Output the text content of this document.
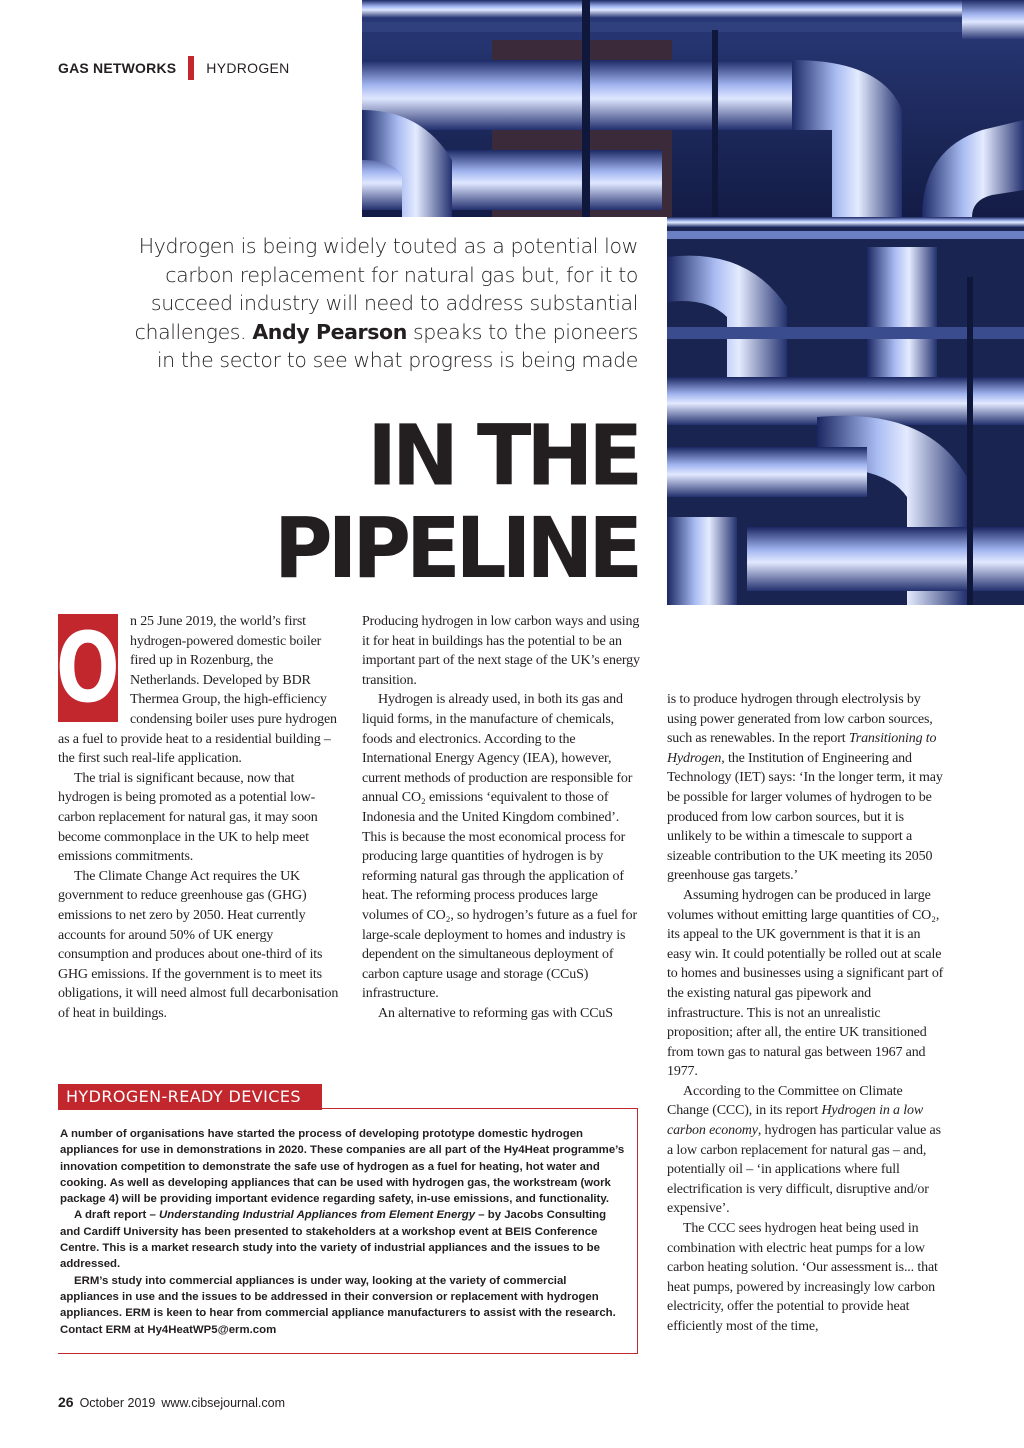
GAS NETWORKS HYDROGEN
Hydrogen is being widely touted as a potential low carbon replacement for natural gas but, for it to succeed industry will need to address substantial challenges. Andy Pearson speaks to the pioneers in the sector to see what progress is being made
IN THE
PIPELINE
O n 25 June 2019, the world’s first hydrogen-powered domestic boiler fired up in Rozenburg, the Netherlands. Developed by BDR Thermea Group, the high-efficiency condensing boiler uses pure hydrogen as a fuel to provide heat to a residential building – the first such real-life application.

The trial is significant because, now that hydrogen is being promoted as a potential low-carbon replacement for natural gas, it may soon become commonplace in the UK to help meet emissions commitments.

The Climate Change Act requires the UK government to reduce greenhouse gas (GHG) emissions to net zero by 2050. Heat currently accounts for around 50% of UK energy consumption and produces about one-third of its GHG emissions. If the government is to meet its obligations, it will need almost full decarbonisation of heat in buildings.

Producing hydrogen in low carbon ways and using it for heat in buildings has the potential to be an important part of the next stage of the UK’s energy transition.

Hydrogen is already used, in both its gas and liquid forms, in the manufacture of chemicals, foods and electronics. According to the International Energy Agency (IEA), however, current methods of production are responsible for annual CO₂ emissions ‘equivalent to those of Indonesia and the United Kingdom combined’. This is because the most economical process for producing large quantities of hydrogen is by reforming natural gas through the application of heat. The reforming process produces large volumes of CO₂, so hydrogen’s future as a fuel for large-scale deployment to homes and industry is dependent on the simultaneous deployment of carbon capture usage and storage (CCuS) infrastructure.

An alternative to reforming gas with CCuS

is to produce hydrogen through electrolysis by using power generated from low carbon sources, such as renewables. In the report Transitioning to Hydrogen, the Institution of Engineering and Technology (IET) says: ‘In the longer term, it may be possible for larger volumes of hydrogen to be produced from low carbon sources, but it is unlikely to be within a timescale to support a sizeable contribution to the UK meeting its 2050 greenhouse gas targets.’

Assuming hydrogen can be produced in large volumes without emitting large quantities of CO₂, its appeal to the UK government is that it is an easy win. It could potentially be rolled out at scale to homes and businesses using a significant part of the existing natural gas pipework and infrastructure. This is not an unrealistic proposition; after all, the entire UK transitioned from town gas to natural gas between 1967 and 1977.

According to the Committee on Climate Change (CCC), in its report Hydrogen in a low carbon economy, hydrogen has particular value as a low carbon replacement for natural gas – and, potentially oil – ‘in applications where full electrification is very difficult, disruptive and/or expensive’.

The CCC sees hydrogen heat being used in combination with electric heat pumps for a low carbon heating solution. ‘Our assessment is... that heat pumps, powered by increasingly low carbon electricity, offer the potential to provide heat efficiently most of the time,

HYDROGEN-READY DEVICES

A number of organisations have started the process of developing prototype domestic hydrogen appliances for use in demonstrations in 2020. These companies are all part of the Hy4Heat programme’s innovation competition to demonstrate the safe use of hydrogen as a fuel for heating, hot water and cooking. As well as developing appliances that can be used with hydrogen gas, the workstream (work package 4) will be providing important evidence regarding safety, in-use emissions, and functionality.

A draft report – Understanding Industrial Appliances from Element Energy – by Jacobs Consulting and Cardiff University has been presented to stakeholders at a workshop event at BEIS Conference Centre. This is a market research study into the variety of industrial appliances and the issues to be addressed.

ERM’s study into commercial appliances is under way, looking at the variety of commercial appliances in use and the issues to be addressed in their conversion or replacement with hydrogen appliances. ERM is keen to hear from commercial appliance manufacturers to assist with the research. Contact ERM at Hy4HeatWP5@erm.com

26 October 2019 www.cibsejournal.com
